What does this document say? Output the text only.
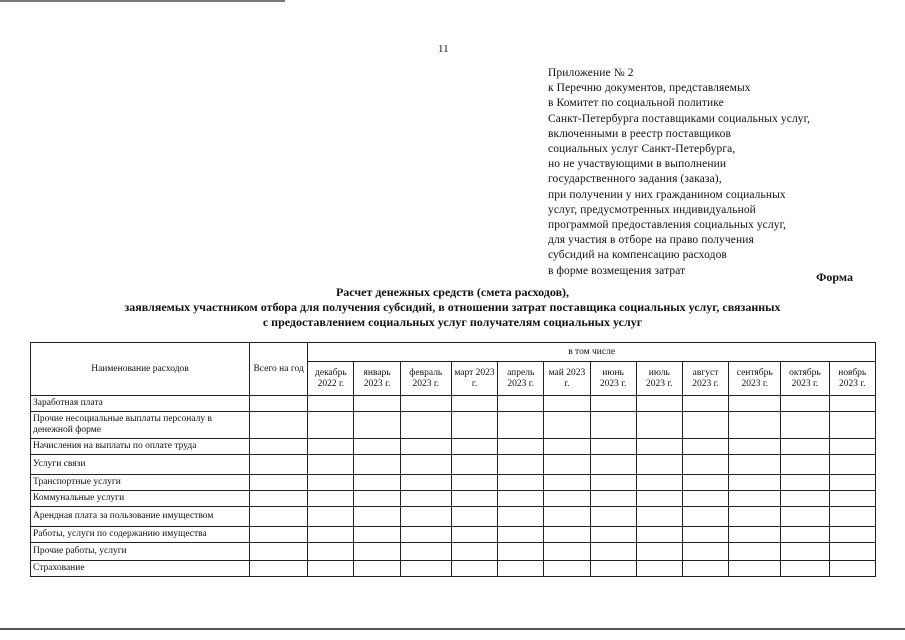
11
Приложение № 2
к Перечню документов, представляемых
в Комитет по социальной политике
Санкт-Петербурга поставщиками социальных услуг,
включенными в реестр поставщиков
социальных услуг Санкт-Петербурга,
но не участвующими в выполнении
государственного задания (заказа),
при получении у них гражданином социальных
услуг, предусмотренных индивидуальной
программой предоставления социальных услуг,
для участия в отборе на право получения
субсидий на компенсацию расходов
в форме возмещения затрат	Форма
Расчет денежных средств (смета расходов),
заявляемых участником отбора для получения субсидий, в отношении затрат поставщика социальных услуг, связанных
с предоставлением социальных услуг получателям социальных услуг
Наименование расходов	Всего на год	в том числе											
		декабрь 2022 г.	январь 2023 г.	февраль 2023 г.	март 2023 г.	апрель 2023 г.	май 2023 г.	июнь 2023 г.	июль 2023 г.	август 2023 г.	сентябрь 2023 г.	октябрь 2023 г.	ноябрь 2023 г.
Заработная плата													
Прочие несоциальные выплаты персоналу в денежной форме													
Начисления на выплаты по оплате труда													
Услуги связи													
Транспортные услуги													
Коммунальные услуги													
Арендная плата за пользование имуществом													
Работы, услуги по содержанию имущества													
Прочие работы, услуги													
Страхование													
